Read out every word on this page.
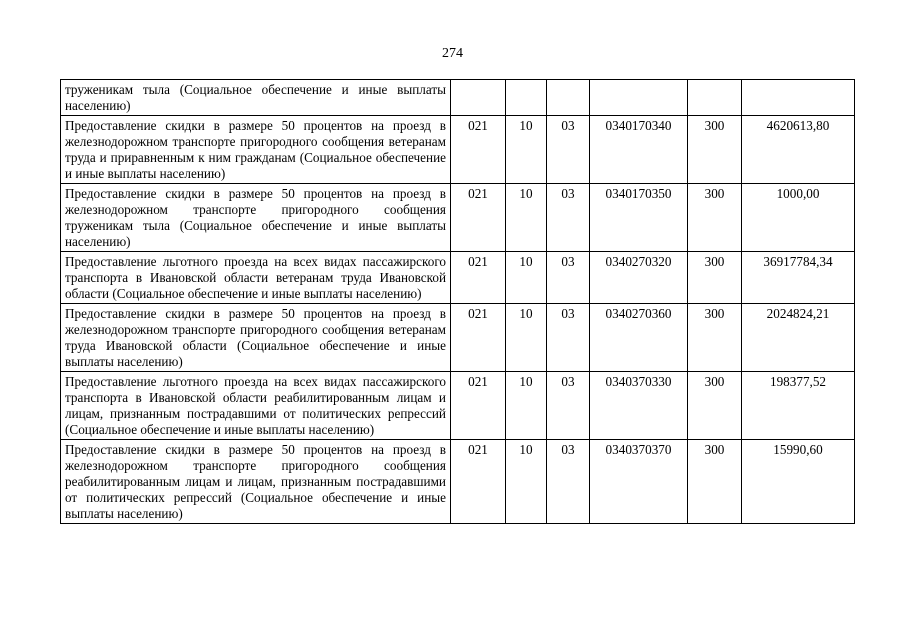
274
труженикам тыла (Социальное обеспечение и иные выплаты населению)						
Предоставление скидки в размере 50 процентов на проезд в железнодорожном транспорте пригородного сообщения ветеранам труда и приравненным к ним гражданам (Социальное обеспечение и иные выплаты населению)	021	10	03	0340170340	300	4620613,80
Предоставление скидки в размере 50 процентов на проезд в железнодорожном транспорте пригородного сообщения труженикам тыла (Социальное обеспечение и иные выплаты населению)	021	10	03	0340170350	300	1000,00
Предоставление льготного проезда на всех видах пассажирского транспорта в Ивановской области ветеранам труда Ивановской области (Социальное обеспечение и иные выплаты населению)	021	10	03	0340270320	300	36917784,34
Предоставление скидки в размере 50 процентов на проезд в железнодорожном транспорте пригородного сообщения ветеранам труда Ивановской области (Социальное обеспечение и иные выплаты населению)	021	10	03	0340270360	300	2024824,21
Предоставление льготного проезда на всех видах пассажирского транспорта в Ивановской области реабилитированным лицам и лицам, признанным пострадавшими от политических репрессий (Социальное обеспечение и иные выплаты населению)	021	10	03	0340370330	300	198377,52
Предоставление скидки в размере 50 процентов на проезд в железнодорожном транспорте пригородного сообщения реабилитированным лицам и лицам, признанным пострадавшими от политических репрессий (Социальное обеспечение и иные выплаты населению)	021	10	03	0340370370	300	15990,60
